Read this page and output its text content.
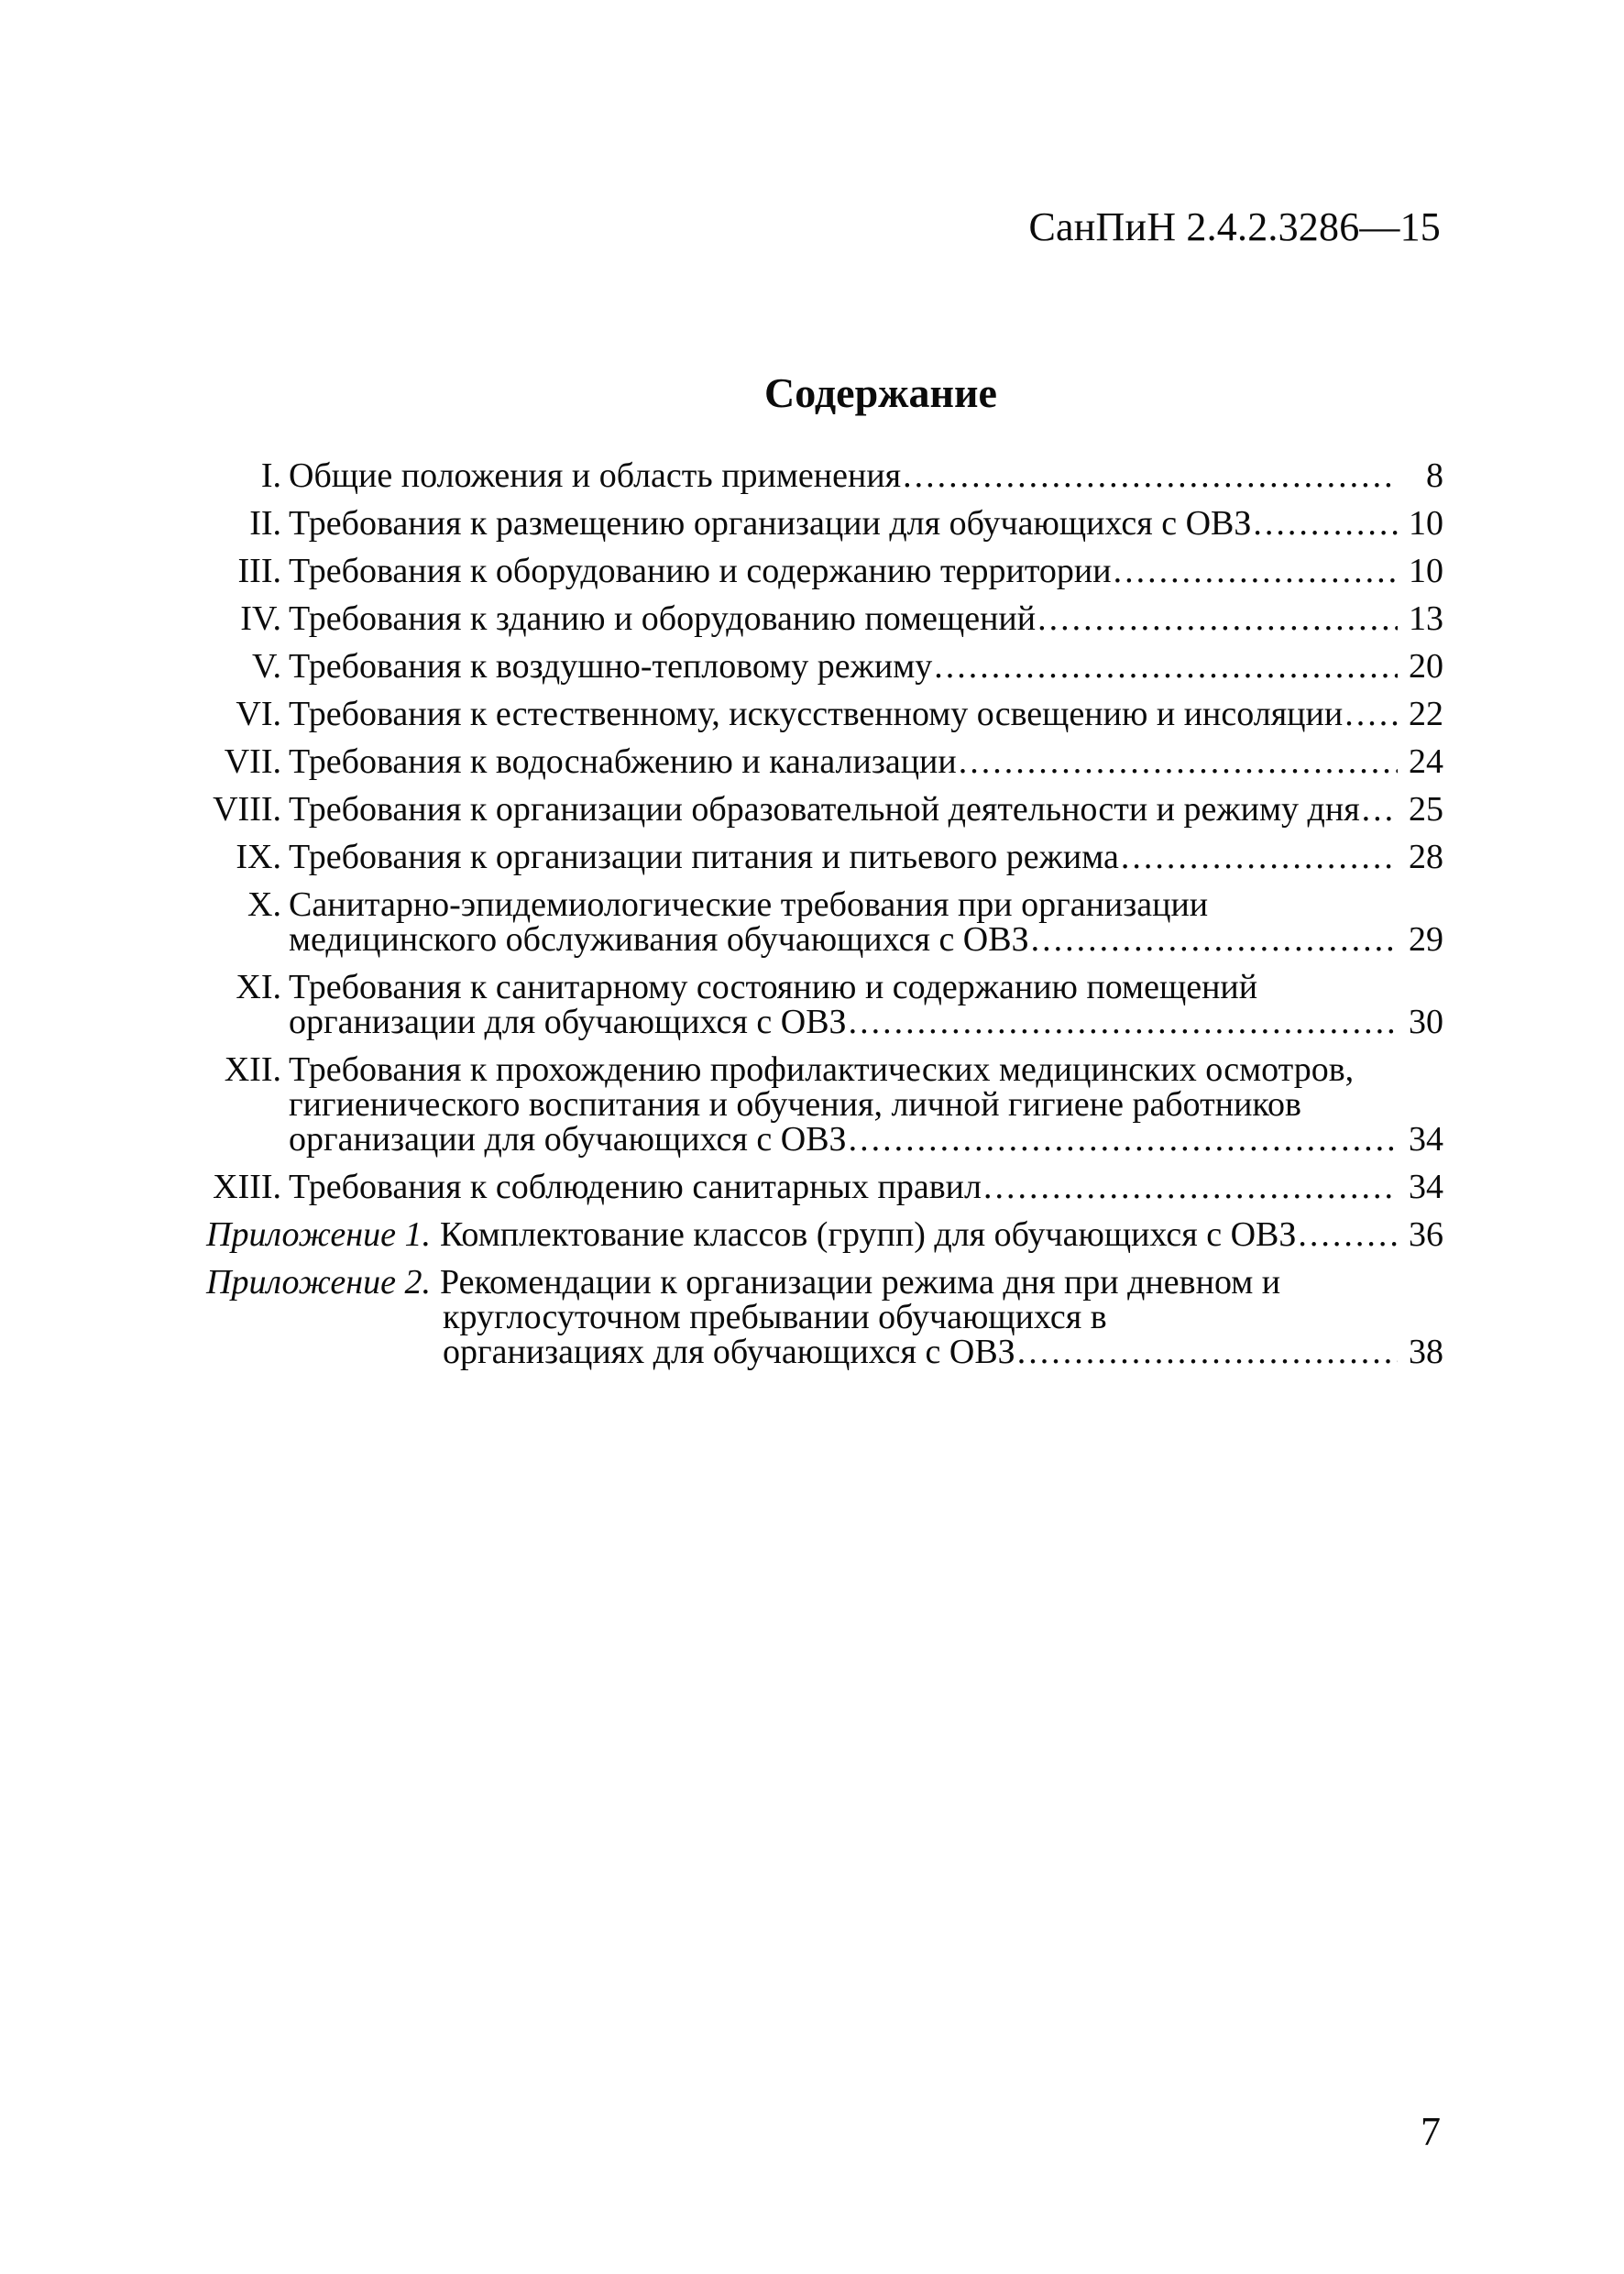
СанПиН 2.4.2.3286—15
Содержание
I. Общие положения и область применения .....	8
II. Требования к размещению организации для обучающихся с ОВЗ .....	10
III. Требования к оборудованию и содержанию территории .....	10
IV. Требования к зданию и оборудованию помещений .....	13
V. Требования к воздушно-тепловому режиму .....	20
VI. Требования к естественному, искусственному освещению и инсоляции ..... 22
VII. Требования к водоснабжению и канализации .....	24
VIII. Требования к организации образовательной деятельности и режиму дня ..... 25
IX. Требования к организации питания и питьевого режима .....	28
X. Санитарно-эпидемиологические требования при организации
медицинского обслуживания обучающихся с ОВЗ .....	29
XI. Требования к санитарному состоянию и содержанию помещений
организации для обучающихся с ОВЗ .....	30
XII. Требования к прохождению профилактических медицинских осмотров,
гигиенического воспитания и обучения, личной гигиене работников
организации для обучающихся с ОВЗ .....	34
XIII. Требования к соблюдению санитарных правил .....	34
Приложение 1. Комплектование классов (групп) для обучающихся с ОВЗ .....	36
Приложение 2. Рекомендации к организации режима дня при дневном и
круглосуточном пребывании обучающихся в
организациях для обучающихся с ОВЗ .....	38
7
